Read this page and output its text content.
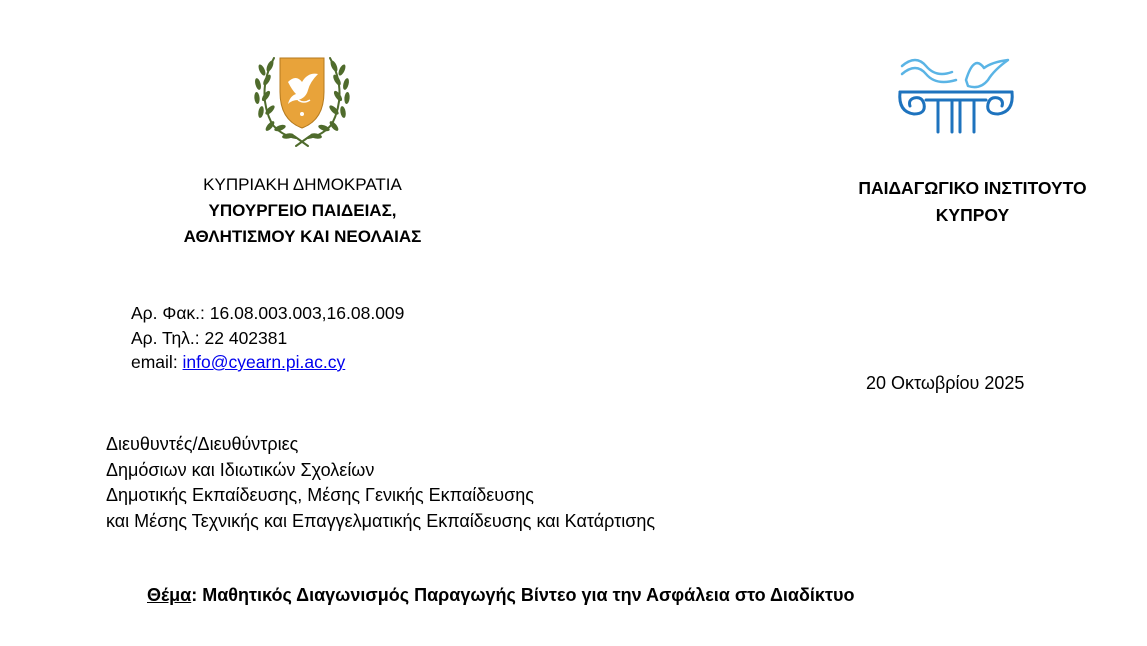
ΚΥΠΡΙΑΚΗ ΔΗΜΟΚΡΑΤΙΑ
ΥΠΟΥΡΓΕΙΟ ΠΑΙΔΕΙΑΣ,
ΑΘΛΗΤΙΣΜΟΥ ΚΑΙ ΝΕΟΛΑΙΑΣ
ΠΑΙΔΑΓΩΓΙΚΟ ΙΝΣΤΙΤΟΥΤΟ
ΚΥΠΡΟΥ
Αρ. Φακ.: 16.08.003.003,16.08.009
Αρ. Τηλ.: 22 402381
email: info@cyearn.pi.ac.cy
20 Οκτωβρίου 2025
Διευθυντές/Διευθύντριες
Δημόσιων και Ιδιωτικών Σχολείων
Δημοτικής Εκπαίδευσης, Μέσης Γενικής Εκπαίδευσης
και Μέσης Τεχνικής και Επαγγελματικής Εκπαίδευσης και Κατάρτισης
Θέμα: Μαθητικός Διαγωνισμός Παραγωγής Βίντεο για την Ασφάλεια στο Διαδίκτυο
